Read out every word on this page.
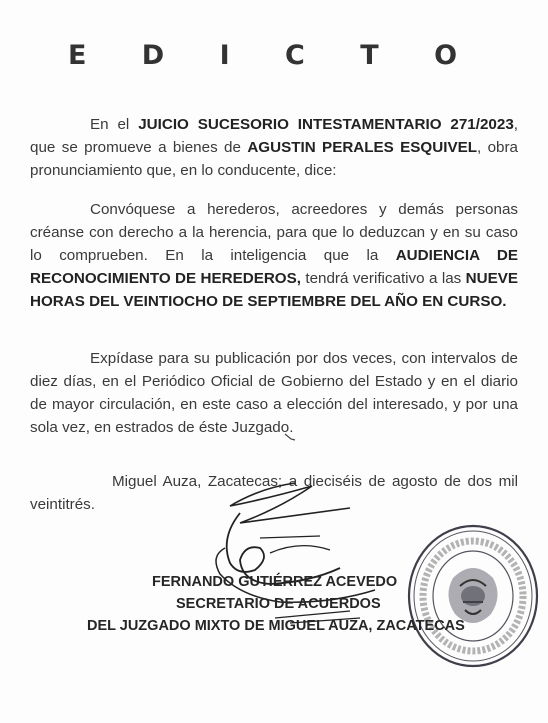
E D I C T O
En el JUICIO SUCESORIO INTESTAMENTARIO 271/2023, que se promueve a bienes de AGUSTIN PERALES ESQUIVEL, obra pronunciamiento que, en lo conducente, dice:
Convóquese a herederos, acreedores y demás personas créanse con derecho a la herencia, para que lo deduzcan y en su caso lo comprueben. En la inteligencia que la AUDIENCIA DE RECONOCIMIENTO DE HEREDEROS, tendrá verificativo a las NUEVE HORAS DEL VEINTIOCHO DE SEPTIEMBRE DEL AÑO EN CURSO.
Expídase para su publicación por dos veces, con intervalos de diez días, en el Periódico Oficial de Gobierno del Estado y en el diario de mayor circulación, en este caso a elección del interesado, y por una sola vez, en estrados de éste Juzgado.
Miguel Auza, Zacatecas; a dieciséis de agosto de dos mil veintitrés.
FERNANDO GUTIÉRREZ ACEVEDO
SECRETARIO DE ACUERDOS
DEL JUZGADO MIXTO DE MIGUEL AUZA, ZACATECAS
